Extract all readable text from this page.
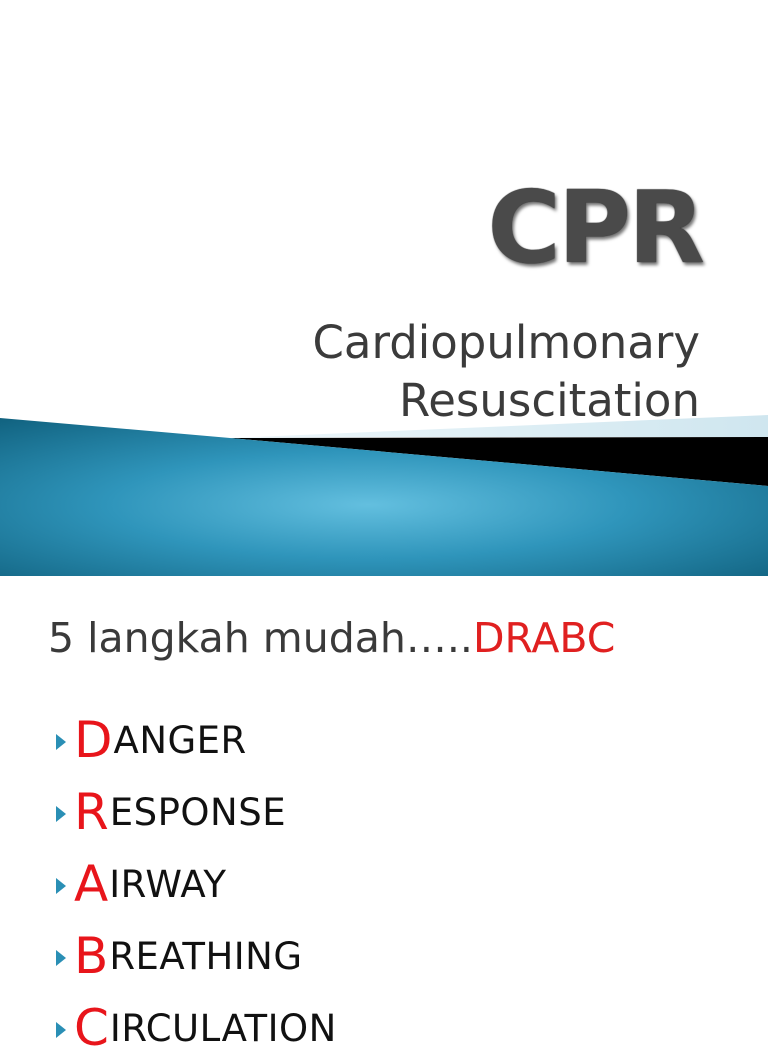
CPR
Cardiopulmonary
Resuscitation
5 langkah mudah…..DRABC
D ANGER
R ESPONSE
A IRWAY
B REATHING
C IRCULATION
